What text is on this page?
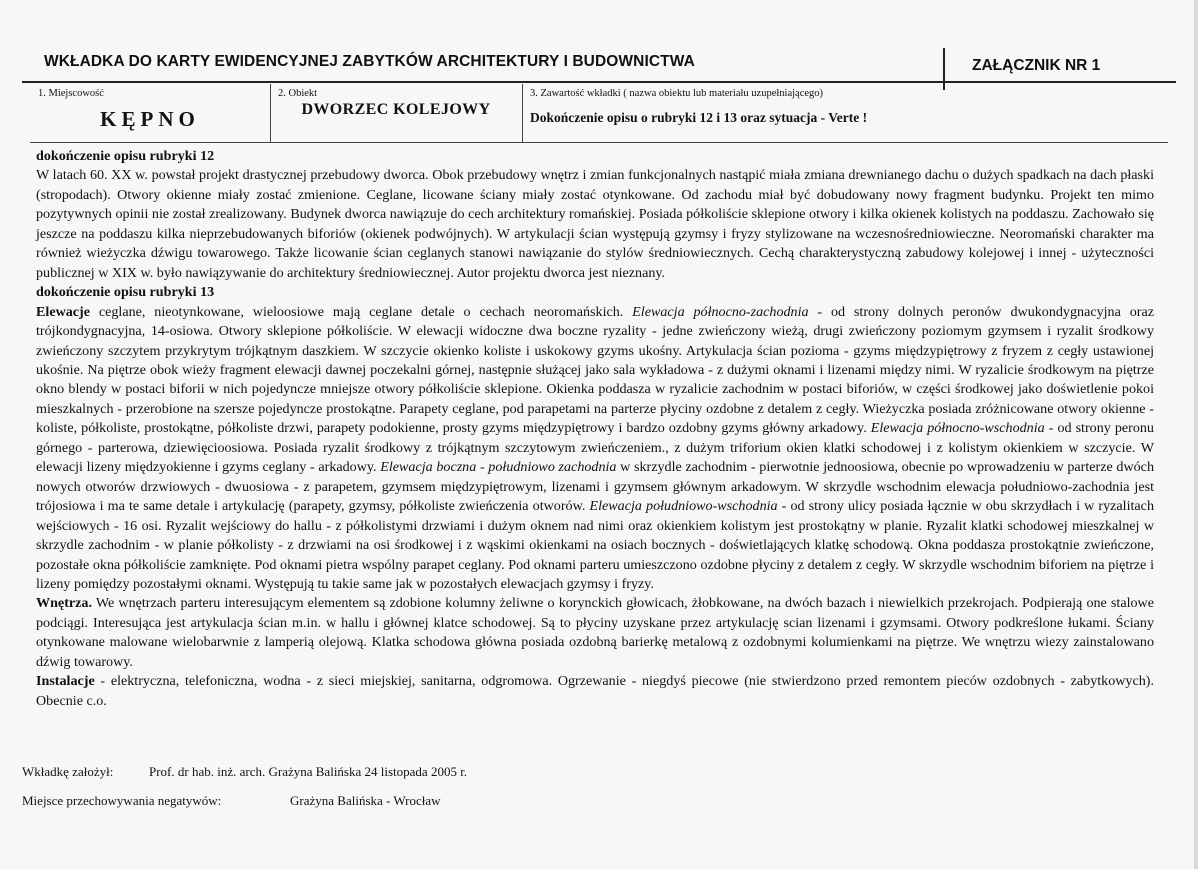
WKŁADKA DO KARTY EWIDENCYJNEJ ZABYTKÓW ARCHITEKTURY I BUDOWNICTWA	ZAŁĄCZNIK NR 1
1. Miejscowość
KĘPNO
2. Obiekt
DWORZEC KOLEJOWY
3. Zawartość wkładki ( nazwa obiektu lub materiału uzupełniającego)
Dokończenie opisu o rubryki 12 i 13 oraz sytuacja - Verte !

dokończenie opisu rubryki 12

W latach 60. XX w. powstał projekt drastycznej przebudowy dworca. Obok przebudowy wnętrz i zmian funkcjonalnych nastąpić miała zmiana drewnianego dachu o dużych spadkach na dach płaski (stropodach). Otwory okienne miały zostać zmienione. Ceglane, licowane ściany miały zostać otynkowane. Od zachodu miał być dobudowany nowy fragment budynku. Projekt ten mimo pozytywnych opinii nie został zrealizowany. Budynek dworca nawiązuje do cech architektury romańskiej. Posiada półkoliście sklepione otwory i kilka okienek kolistych na poddaszu. Zachowało się jeszcze na poddaszu kilka nieprzebudowanych biforiów (okienek podwójnych). W artykulacji ścian występują gzymsy i fryzy stylizowane na wczesnośredniowieczne. Neoromański charakter ma również wieżyczka dźwigu towarowego. Także licowanie ścian ceglanych stanowi nawiązanie do stylów średniowiecznych. Cechą charakterystyczną zabudowy kolejowej i innej - użyteczności publicznej w XIX w. było nawiązywanie do architektury średniowiecznej. Autor projektu dworca jest nieznany.

dokończenie opisu rubryki 13

Elewacje ceglane, nieotynkowane, wieloosiowe mają ceglane detale o cechach neoromańskich. Elewacja północno-zachodnia - od strony dolnych peronów dwukondygnacyjna oraz trójkondygnacyjna, 14-osiowa. Otwory sklepione półkoliście. W elewacji widoczne dwa boczne ryzality - jedne zwieńczony wieżą, drugi zwieńczony poziomym gzymsem i ryzalit środkowy zwieńczony szczytem przykrytym trójkątnym daszkiem. W szczycie okienko koliste i uskokowy gzyms ukośny. Artykulacja ścian pozioma - gzyms międzypiętrowy z fryzem z cegły ustawionej ukośnie. Na piętrze obok wieży fragment elewacji dawnej poczekalni górnej, następnie służącej jako sala wykładowa - z dużymi oknami i lizenami między nimi. W ryzalicie środkowym na piętrze okno blendy w postaci biforii w nich pojedyncze mniejsze otwory półkoliście sklepione. Okienka poddasza w ryzalicie zachodnim w postaci biforiów, w części środkowej jako doświetlenie pokoi mieszkalnych - przerobione na szersze pojedyncze prostokątne. Parapety ceglane, pod parapetami na parterze płyciny ozdobne z detalem z cegły. Wieżyczka posiada zróżnicowane otwory okienne - koliste, półkoliste, prostokątne, półkoliste drzwi, parapety podokienne, prosty gzyms międzypiętrowy i bardzo ozdobny gzyms główny arkadowy. Elewacja północno-wschodnia - od strony peronu górnego - parterowa, dziewięcioosiowa. Posiada ryzalit środkowy z trójkątnym szczytowym zwieńczeniem., z dużym triforium okien klatki schodowej i z kolistym okienkiem w szczycie. W elewacji lizeny międzyokienne i gzyms ceglany - arkadowy. Elewacja boczna - południowo zachodnia w skrzydle zachodnim - pierwotnie jednoosiowa, obecnie po wprowadzeniu w parterze dwóch nowych otworów drzwiowych - dwuosiowa - z parapetem, gzymsem międzypiętrowym, lizenami i gzymsem głównym arkadowym. W skrzydle wschodnim elewacja południowo-zachodnia jest trójosiowa i ma te same detale i artykulację (parapety, gzymsy, półkoliste zwieńczenia otworów. Elewacja południowo-wschodnia - od strony ulicy posiada łącznie w obu skrzydłach i w ryzalitach wejściowych - 16 osi. Ryzalit wejściowy do hallu - z półkolistymi drzwiami i dużym oknem nad nimi oraz okienkiem kolistym jest prostokątny w planie. Ryzalit klatki schodowej mieszkalnej w skrzydle zachodnim - w planie półkolisty - z drzwiami na osi środkowej i z wąskimi okienkami na osiach bocznych - doświetlających klatkę schodową. Okna poddasza prostokątnie zwieńczone, pozostałe okna półkoliście zamknięte. Pod oknami pietra wspólny parapet ceglany. Pod oknami parteru umieszczono ozdobne płyciny z detalem z cegły. W skrzydle wschodnim biforiem na piętrze i lizeny pomiędzy pozostałymi oknami. Występują tu takie same jak w pozostałych elewacjach gzymsy i fryzy.

Wnętrza. We wnętrzach parteru interesującym elementem są zdobione kolumny żeliwne o korynckich głowicach, żłobkowane, na dwóch bazach i niewielkich przekrojach. Podpierają one stalowe podciągi. Interesująca jest artykulacja ścian m.in. w hallu i głównej klatce schodowej. Są to płyciny uzyskane przez artykulację scian lizenami i gzymsami. Otwory podkreślone łukami. Ściany otynkowane malowane wielobarwnie z lamperią olejową. Klatka schodowa główna posiada ozdobną barierkę metalową z ozdobnymi kolumienkami na piętrze. We wnętrzu wiezy zainstalowano dźwig towarowy.

Instalacje - elektryczna, telefoniczna, wodna - z sieci miejskiej, sanitarna, odgromowa. Ogrzewanie - niegdyś piecowe (nie stwierdzono przed remontem pieców ozdobnych - zabytkowych). Obecnie c.o.

Wkładkę założył:	Prof. dr hab. inż. arch. Grażyna Balińska 24 listopada 2005 r.
Miejsce przechowywania negatywów:	Grażyna Balińska - Wrocław
